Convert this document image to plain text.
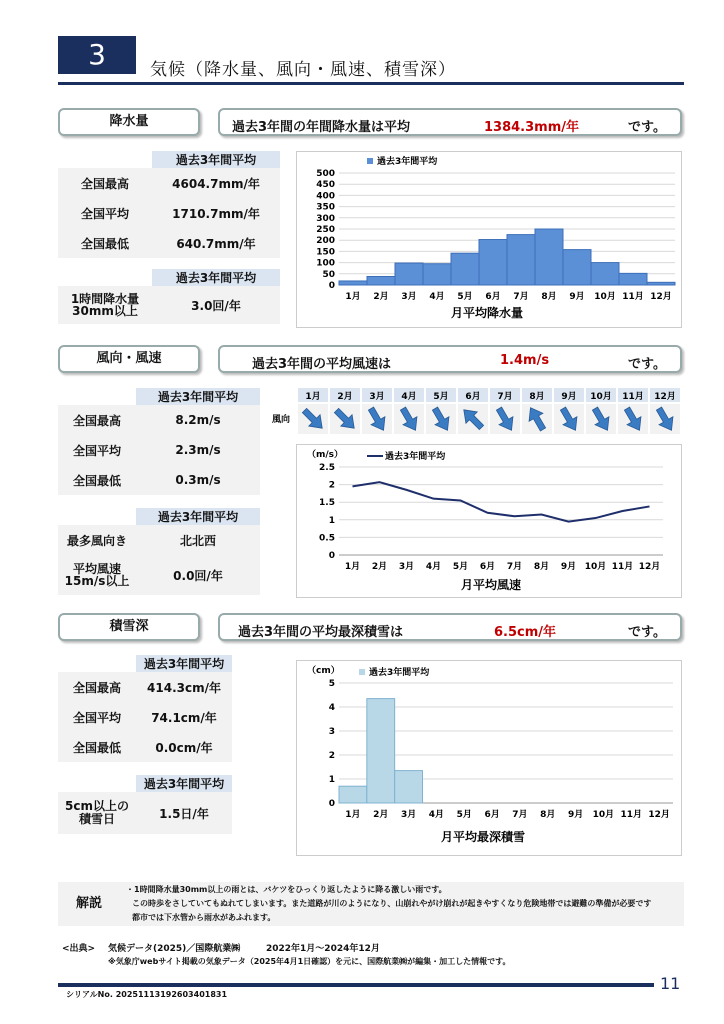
3	気候（降水量、風向・風速、積雪深）
降水量	過去3年間の年間降水量は平均	1384.3mm/年	です。
	過去3年間平均
全国最高	4604.7mm/年
全国平均	1710.7mm/年
全国最低	640.7mm/年
	過去3年間平均
1時間降水量
30mm以上	3.0回/年
0
50
100
150
200
250
300
350
400
450
500
1月 2月 3月 4月 5月 6月 7月 8月 9月 10月 11月 12月
過去3年間平均
月平均降水量
風向・風速	過去3年間の平均風速は	1.4m/s	です。
	過去3年間平均
全国最高	8.2m/s
全国平均	2.3m/s
全国最低	0.3m/s
	過去3年間平均
最多風向き	北北西
平均風速
15m/s以上	0.0回/年
風向
1月 2月 3月 4月 5月 6月 7月 8月 9月 10月 11月 12月
0
0.5
1
1.5
2
2.5
1月 2月 3月 4月 5月 6月 7月 8月 9月 10月 11月 12月
過去3年間平均
（m/s）
月平均風速
積雪深	過去3年間の平均最深積雪は	6.5cm/年	です。
	過去3年間平均
全国最高	414.3cm/年
全国平均	74.1cm/年
全国最低	0.0cm/年
	過去3年間平均
5cm以上の
積雪日	1.5日/年
0
1
2
3
4
5
1月 2月 3月 4月 5月 6月 7月 8月 9月 10月 11月 12月
過去3年間平均
（cm）
月平均最深積雪
解説
・1時間降水量30mm以上の雨とは、バケツをひっくり返したように降る激しい雨です。
この時歩をさしていてもぬれてしまいます。また道路が川のようになり、山崩れやがけ崩れが起きやすくなり危険地帯では避難の準備が必要です
都市では下水管から雨水があふれます。
<出典> 気候データ(2025)／国際航業㈱	2022年1月～2024年12月
※気象庁webサイト掲載の気象データ（2025年4月1日確認）を元に、国際航業㈱が編集・加工した情報です。
シリアルNo. 20251113192603401831
11
